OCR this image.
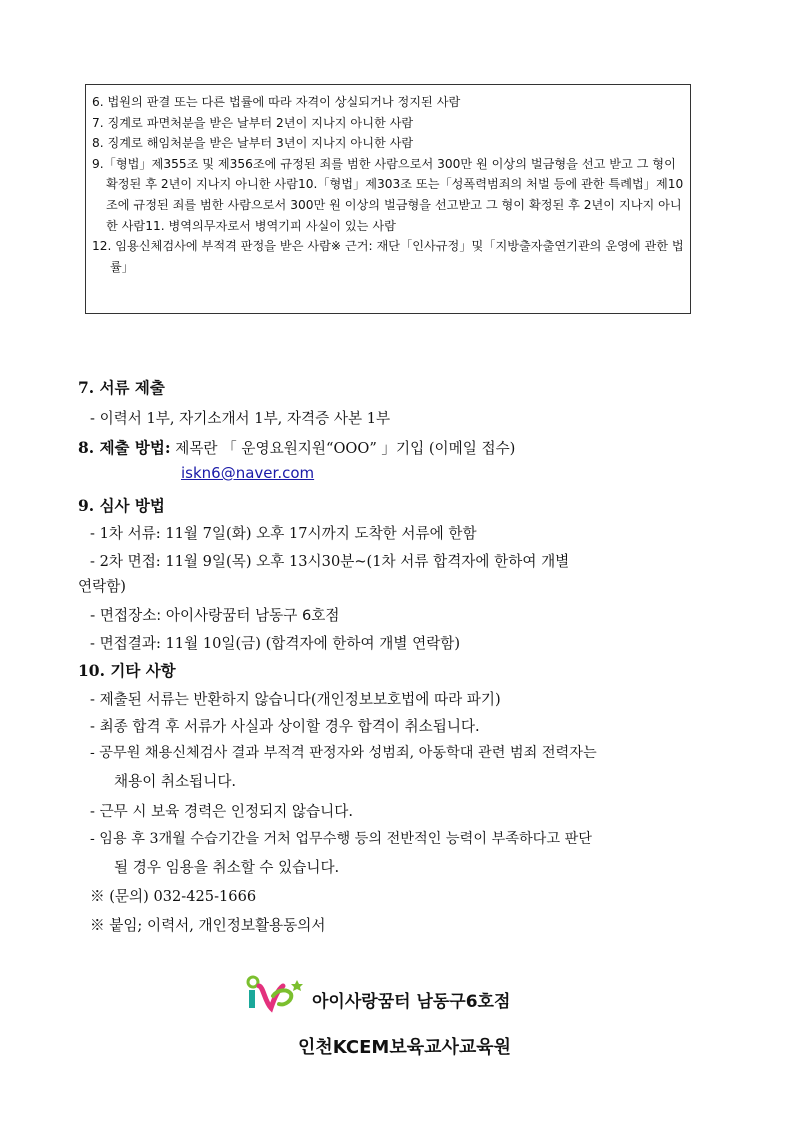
6. 법원의 판결 또는 다른 법률에 따라 자격이 상실되거나 정지된 사람
7. 징계로 파면처분을 받은 날부터 2년이 지나지 아니한 사람
8. 징계로 해임처분을 받은 날부터 3년이 지나지 아니한 사람
9.「형법」제355조 및 제356조에 규정된 죄를 범한 사람으로서 300만 원 이상의 벌금형을 선고 받고 그 형이 확정된 후 2년이 지나지 아니한 사람10.「형법」제303조 또는「성폭력범죄의 처벌 등에 관한 특례법」제10조에 규정된 죄를 범한 사람으로서 300만 원 이상의 벌금형을 선고받고 그 형이 확정된 후 2년이 지나지 아니한 사람11. 병역의무자로서 병역기피 사실이 있는 사람
12. 임용신체검사에 부적격 판정을 받은 사람※ 근거: 재단「인사규정」및「지방출자출연기관의 운영에 관한 법률」
7. 서류 제출
- 이력서 1부, 자기소개서 1부, 자격증 사본 1부
8. 제출 방법: 제목란 「 운영요원지원“OOO” 」기입 (이메일 접수)
iskn6@naver.com
9. 심사 방법
- 1차 서류: 11월 7일(화) 오후 17시까지 도착한 서류에 한함
- 2차 면접: 11월 9일(목) 오후 13시30분~(1차 서류 합격자에 한하여 개별
연락함)
- 면접장소: 아이사랑꿈터 남동구 6호점
- 면접결과: 11월 10일(금) (합격자에 한하여 개별 연락함)
10. 기타 사항
- 제출된 서류는 반환하지 않습니다(개인정보보호법에 따라 파기)
- 최종 합격 후 서류가 사실과 상이할 경우 합격이 취소됩니다.
- 공무원 채용신체검사 결과 부적격 판정자와 성범죄, 아동학대 관련 범죄 전력자는
채용이 취소됩니다.
- 근무 시 보육 경력은 인정되지 않습니다.
- 임용 후 3개월 수습기간을 거처 업무수행 등의 전반적인 능력이 부족하다고 판단
될 경우 임용을 취소할 수 있습니다.
※ (문의) 032-425-1666
※ 붙임; 이력서, 개인정보활용동의서
아이사랑꿈터 남동구6호점
인천KCEM보육교사교육원
